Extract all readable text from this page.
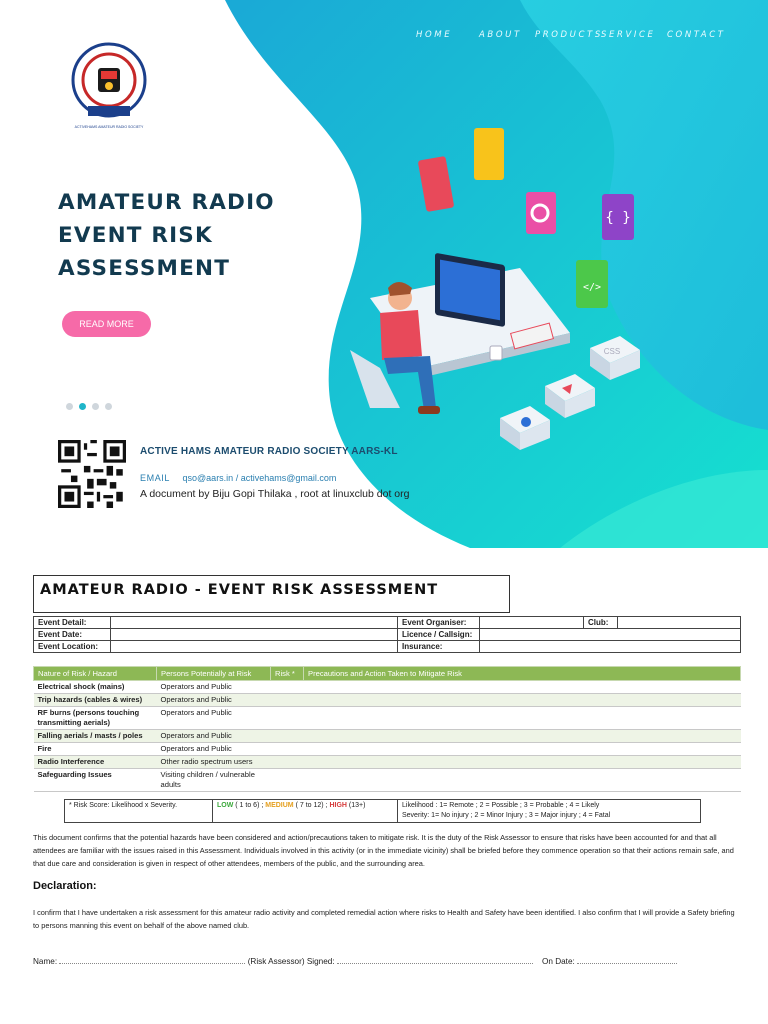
HOME	ABOUT	PRODUCTS
SERVICE	CONTACT
ACTIVEHAMS AMATEUR RADIO SOCIETY
AMATEUR RADIO
EVENT RISK
ASSESSMENT
READ MORE
{ }
</>
CSS
ACTIVE HAMS AMATEUR RADIO SOCIETY AARS-KL
EMAIL qso@aars.in / activehams@gmail.com
A document by Biju Gopi Thilaka , root at linuxclub dot org
AMATEUR RADIO - EVENT RISK ASSESSMENT
Event Detail:		Event Organiser:		Club:	
Event Date:		Licence / Callsign:			
Event Location:		Insurance:			
Nature of Risk / Hazard	Persons Potentially at Risk	Risk *	Precautions and Action Taken to Mitigate Risk
Electrical shock (mains)	Operators and Public		
Trip hazards (cables & wires)	Operators and Public		
RF burns (persons touching transmitting aerials)	Operators and Public		
Falling aerials / masts / poles	Operators and Public		
Fire	Operators and Public		
Radio Interference	Other radio spectrum users		
Safeguarding Issues	Visiting children / vulnerable adults		
* Risk Score: Likelihood x Severity.	LOW ( 1 to 6) ; MEDIUM ( 7 to 12) ; HIGH (13+)	Likelihood : 1= Remote ; 2 = Possible ; 3 = Probable ; 4 = Likely
Severity: 1= No injury ; 2 = Minor Injury ; 3 = Major injury ; 4 = Fatal

This document confirms that the potential hazards have been considered and action/precautions taken to mitigate risk. It is the duty of the Risk Assessor to ensure that risks have been accounted for and that all attendees are familiar with the issues raised in this Assessment. Individuals involved in this activity (or in the immediate vicinity) shall be briefed before they commence operation so that their actions remain safe, and that due care and consideration is given in respect of other attendees, members of the public, and the surrounding area.

Declaration:

I confirm that I have undertaken a risk assessment for this amateur radio activity and completed remedial action where risks to Health and Safety have been identified. I also confirm that I will provide a Safety briefing to persons manning this event on behalf of the above named club.

Name:	(Risk Assessor) Signed:	On Date:
